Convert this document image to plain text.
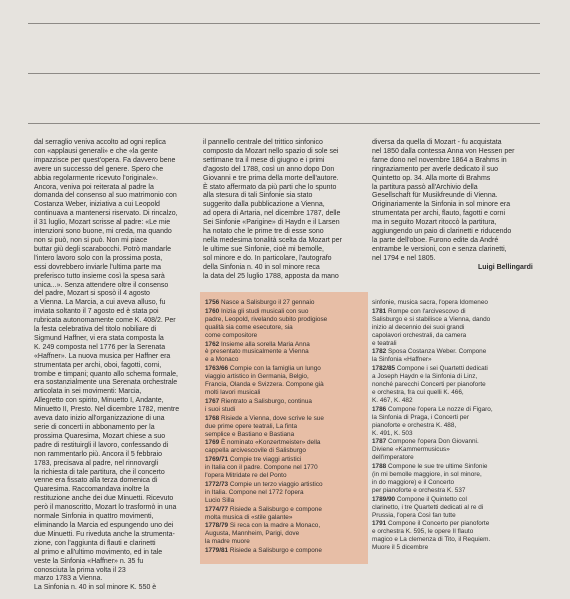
dal serraglio veniva accolto ad ogni replica
con «applausi generali» e che «la gente
impazzisce per quest'opera. Fa davvero bene
avere un successo del genere. Spero che
abbia regolarmente ricevuto l'originale».
Ancora, veniva poi reiterata al padre la
domanda del consenso al suo matrimonio con
Costanza Weber, iniziativa a cui Leopold
continuava a mantenersi riservato. Di rincalzo,
il 31 luglio, Mozart scrisse al padre: «Le mie
intenzioni sono buone, mi creda, ma quando
non si può, non si può. Non mi piace
buttar giù degli scarabocchi. Potrò mandarle
l'intero lavoro solo con la prossima posta,
essi dovrebbero inviarle l'ultima parte ma
preferisco tutto insieme così la spesa sarà
unica...». Senza attendere oltre il consenso
del padre, Mozart si sposò il 4 agosto
a Vienna. La Marcia, a cui aveva alluso, fu
inviata soltanto il 7 agosto ed è stata poi
rubricata autonomamente come K. 408/2. Per
la festa celebrativa del titolo nobiliare di
Sigmund Haffner, vi era stata composta la
K. 249 composta nel 1776 per la Serenata
«Haffner». La nuova musica per Haffner era
strumentata per archi, oboi, fagotti, corni,
trombe e timpani; quanto allo schema formale,
era sostanzialmente una Serenata orchestrale
articolata in sei movimenti: Marcia,
Allegretto con spirito, Minuetto I, Andante,
Minuetto II, Presto. Nel dicembre 1782, mentre
aveva dato inizio all'organizzazione di una
serie di concerti in abbonamento per la
prossima Quaresima, Mozart chiese a suo
padre di restituirgli il lavoro, confessando di
non rammentarlo più. Ancora il 5 febbraio
1783, precisava al padre, nel rinnovargli
la richiesta di tale partitura, che il concerto
venne era fissato alla terza domenica di
Quaresima. Raccomandava inoltre la
restituzione anche dei due Minuetti. Ricevuto
però il manoscritto, Mozart lo trasformò in una
normale Sinfonia in quattro movimenti,
eliminando la Marcia ed espungendo uno dei
due Minuetti. Fu riveduta anche la strumenta-
zione, con l'aggiunta di flauti e clarinetti
al primo e all'ultimo movimento, ed in tale
veste la Sinfonia «Haffner» n. 35 fu
conosciuta la prima volta il 23
marzo 1783 a Vienna.
La Sinfonia n. 40 in sol minore K. 550 è
il pannello centrale del trittico sinfonico
composto da Mozart nello spazio di sole sei
settimane tra il mese di giugno e i primi
d'agosto del 1788, così un anno dopo Don
Giovanni e tre prima della morte dell'autore.
È stato affermato da più parti che lo spunto
alla stesura di tali Sinfonie sia stato
suggerito dalla pubblicazione a Vienna,
ad opera di Artaria, nel dicembre 1787, delle
Sei Sinfonie «Parigine» di Haydn e il Larsen
ha notato che le prime tre di esse sono
nella medesima tonalità scelta da Mozart per
le ultime sue Sinfonie, cioè mi bemolle,
sol minore e do. In particolare, l'autografo
della Sinfonia n. 40 in sol minore reca
la data del 25 luglio 1788, apposta da mano
diversa da quella di Mozart - fu acquistata
nel 1850 dalla contessa Anna von Hessen per
farne dono nel novembre 1864 a Brahms in
ringraziamento per averle dedicato il suo
Quintetto op. 34. Alla morte di Brahms
la partitura passò all'Archivio della
Gesellschaft für Musikfreunde di Vienna.
Originariamente la Sinfonia in sol minore era
strumentata per archi, flauto, fagotti e corni
ma in seguito Mozart ritoccò la partitura,
aggiungendo un paio di clarinetti e riducendo
la parte dell'oboe. Furono edite da André
entrambe le versioni, con e senza clarinetti,
nel 1794 e nel 1805.
Luigi Bellingardi
1756 Nasce a Salisburgo il 27 gennaio
1760 Inizia gli studi musicali con suo
padre, Leopold, rivelando subito prodigiose
qualità sia come esecutore, sia
come compositore
1762 Insieme alla sorella Maria Anna
è presentato musicalmente a Vienna
e a Monaco
1763/66 Compie con la famiglia un lungo
viaggio artistico in Germania, Belgio,
Francia, Olanda e Svizzera. Compone già
molti lavori musicali
1767 Rientrato a Salisburgo, continua
i suoi studi
1768 Risiede a Vienna, dove scrive le sue
due prime opere teatrali, La finta
semplice e Bastiano e Bastiana
1769 È nominato «Konzertmeister» della
cappella arcivescovile di Salisburgo
1769/71 Compie tre viaggi artistici
in Italia con il padre. Compone nel 1770
l'opera Mitridate re del Ponto
1772/73 Compie un terzo viaggio artistico
in Italia. Compone nel 1772 l'opera
Lucio Silla
1774/77 Risiede a Salisburgo e compone
molta musica di «stile galante»
1778/79 Si reca con la madre a Monaco,
Augusta, Mannheim, Parigi, dove
la madre muore
1779/81 Risiede a Salisburgo e compone
sinfonie, musica sacra, l'opera Idomeneo
1781 Rompe con l'arcivescovo di
Salisburgo e si stabilisce a Vienna, dando
inizio al decennio dei suoi grandi
capolavori orchestrali, da camera
e teatrali
1782 Sposa Costanza Weber. Compone
la Sinfonia «Haffner»
1782/85 Compone i sei Quartetti dedicati
a Joseph Haydn e la Sinfonia di Linz,
nonché parecchi Concerti per pianoforte
e orchestra, fra cui quelli K. 466,
K. 467, K. 482
1786 Compone l'opera Le nozze di Figaro,
la Sinfonia di Praga, i Concerti per
pianoforte e orchestra K. 488,
K. 491, K. 503
1787 Compone l'opera Don Giovanni.
Diviene «Kammermusicus»
dell'imperatore
1788 Compone le sue tre ultime Sinfonie
(in mi bemolle maggiore, in sol minore,
in do maggiore) e il Concerto
per pianoforte e orchestra K. 537
1789/90 Compone il Quintetto col
clarinetto, i tre Quartetti dedicati al re di
Prussia, l'opera Così fan tutte
1791 Compone il Concerto per pianoforte
e orchestra K. 595, le opere Il flauto
magico e La clemenza di Tito, il Requiem.
Muore il 5 dicembre
